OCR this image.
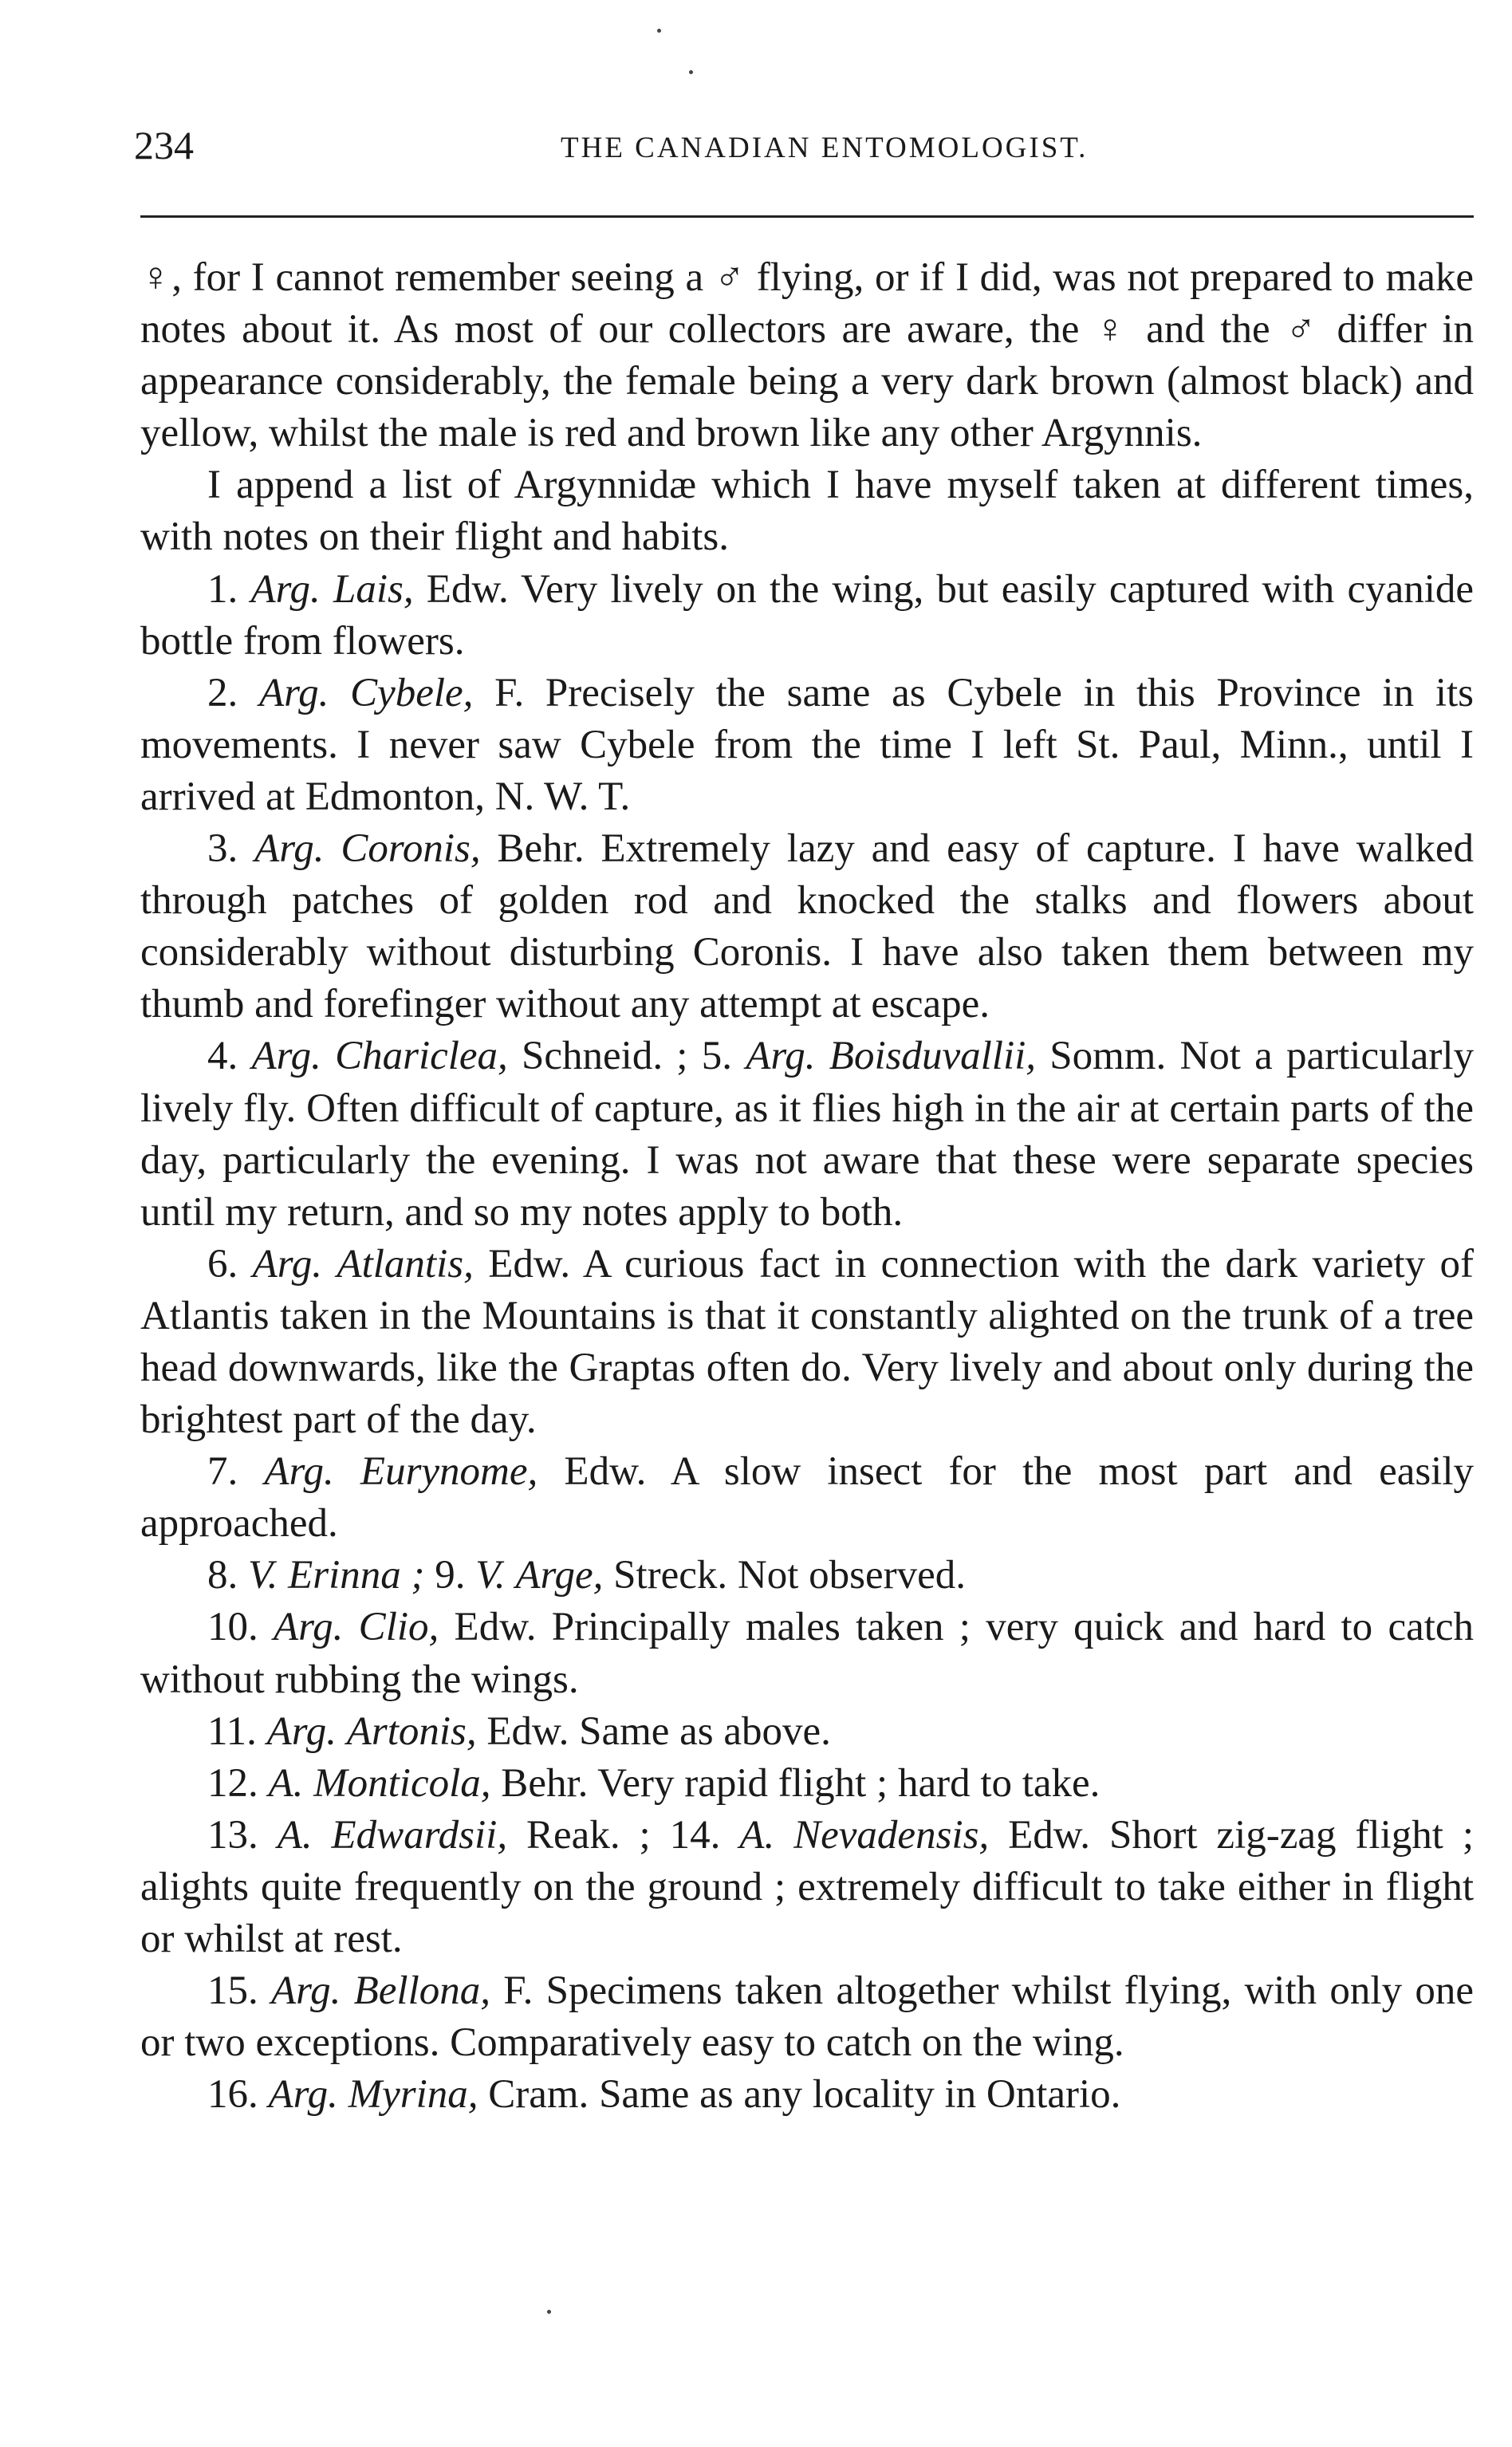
234	THE CANADIAN ENTOMOLOGIST.

♀, for I cannot remember seeing a ♂ flying, or if I did, was not prepared to make notes about it. As most of our collectors are aware, the ♀ and the ♂ differ in appearance considerably, the female being a very dark brown (almost black) and yellow, whilst the male is red and brown like any other Argynnis.

I append a list of Argynnidæ which I have myself taken at different times, with notes on their flight and habits.

1. Arg. Lais, Edw. Very lively on the wing, but easily captured with cyanide bottle from flowers.

2. Arg. Cybele, F. Precisely the same as Cybele in this Province in its movements. I never saw Cybele from the time I left St. Paul, Minn., until I arrived at Edmonton, N. W. T.

3. Arg. Coronis, Behr. Extremely lazy and easy of capture. I have walked through patches of golden rod and knocked the stalks and flowers about considerably without disturbing Coronis. I have also taken them between my thumb and forefinger without any attempt at escape.

4. Arg. Chariclea, Schneid. ; 5. Arg. Boisduvallii, Somm. Not a particularly lively fly. Often difficult of capture, as it flies high in the air at certain parts of the day, particularly the evening. I was not aware that these were separate species until my return, and so my notes apply to both.

6. Arg. Atlantis, Edw. A curious fact in connection with the dark variety of Atlantis taken in the Mountains is that it constantly alighted on the trunk of a tree head downwards, like the Graptas often do. Very lively and about only during the brightest part of the day.

7. Arg. Eurynome, Edw. A slow insect for the most part and easily approached.

8. V. Erinna ; 9. V. Arge, Streck. Not observed.

10. Arg. Clio, Edw. Principally males taken ; very quick and hard to catch without rubbing the wings.

11. Arg. Artonis, Edw. Same as above.

12. A. Monticola, Behr. Very rapid flight ; hard to take.

13. A. Edwardsii, Reak. ; 14. A. Nevadensis, Edw. Short zig-zag flight ; alights quite frequently on the ground ; extremely difficult to take either in flight or whilst at rest.

15. Arg. Bellona, F. Specimens taken altogether whilst flying, with only one or two exceptions. Comparatively easy to catch on the wing.

16. Arg. Myrina, Cram. Same as any locality in Ontario.
